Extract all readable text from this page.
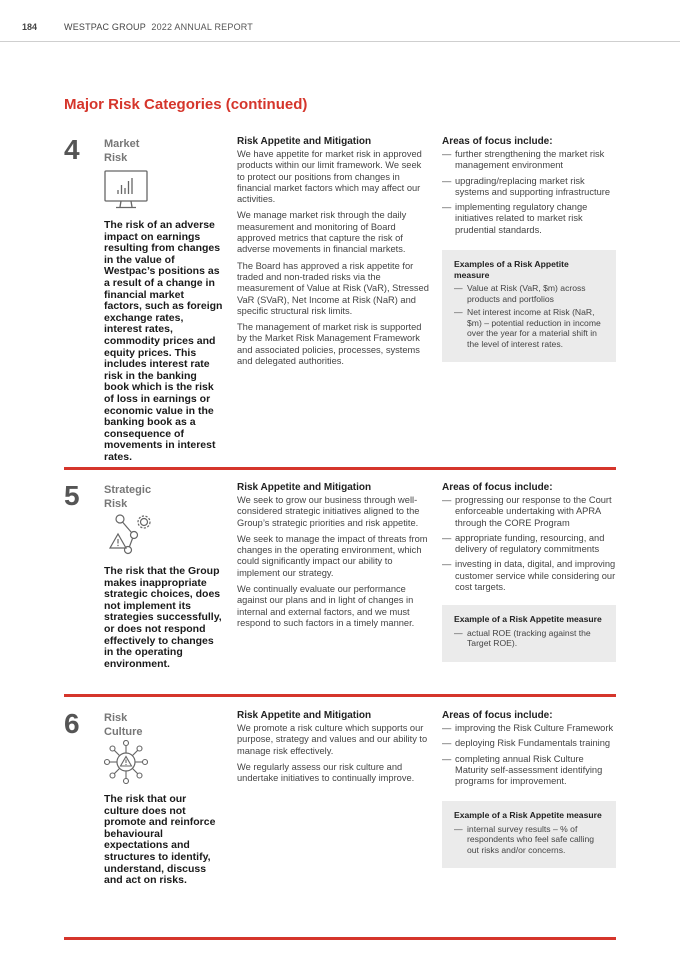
184	WESTPAC GROUP 2022 ANNUAL REPORT
Major Risk Categories (continued)
4 Market
Risk
The risk of an adverse impact on earnings resulting from changes in the value of Westpac’s positions as a result of a change in financial market factors, such as foreign exchange rates, interest rates, commodity prices and equity prices. This includes interest rate risk in the banking book which is the risk of loss in earnings or economic value in the banking book as a consequence of movements in interest rates.
Risk Appetite and Mitigation

We have appetite for market risk in approved products within our limit framework. We seek to protect our positions from changes in financial market factors which may affect our activities.

We manage market risk through the daily measurement and monitoring of Board approved metrics that capture the risk of adverse movements in financial markets.

The Board has approved a risk appetite for traded and non-traded risks via the measurement of Value at Risk (VaR), Stressed VaR (SVaR), Net Income at Risk (NaR) and specific structural risk limits.

The management of market risk is supported by the Market Risk Management Framework and associated policies, processes, systems and delegated authorities.

Areas of focus include:
— further strengthening the market risk management environment
— upgrading/replacing market risk systems and supporting infrastructure
— implementing regulatory change initiatives related to market risk prudential standards.
Examples of a Risk Appetite measure
— Value at Risk (VaR, $m) across products and portfolios
— Net interest income at Risk (NaR, $m) – potential reduction in income over the year for a material shift in the level of interest rates.
5 Strategic
Risk
The risk that the Group makes inappropriate strategic choices, does not implement its strategies successfully, or does not respond effectively to changes in the operating environment.
Risk Appetite and Mitigation

We seek to grow our business through well-considered strategic initiatives aligned to the Group’s strategic priorities and risk appetite.

We seek to manage the impact of threats from changes in the operating environment, which could significantly impact our ability to implement our strategy.

We continually evaluate our performance against our plans and in light of changes in internal and external factors, and we must respond to such factors in a timely manner.

Areas of focus include:
— progressing our response to the Court enforceable undertaking with APRA through the CORE Program
— appropriate funding, resourcing, and delivery of regulatory commitments
— investing in data, digital, and improving customer service while considering our cost targets.
Example of a Risk Appetite measure
— actual ROE (tracking against the Target ROE).
6 Risk
Culture
The risk that our culture does not promote and reinforce behavioural expectations and structures to identify, understand, discuss and act on risks.
Risk Appetite and Mitigation

We promote a risk culture which supports our purpose, strategy and values and our ability to manage risk effectively.

We regularly assess our risk culture and undertake initiatives to continually improve.

Areas of focus include:
— improving the Risk Culture Framework
— deploying Risk Fundamentals training
— completing annual Risk Culture Maturity self-assessment identifying programs for improvement.
Example of a Risk Appetite measure
— internal survey results – % of respondents who feel safe calling out risks and/or concerns.
